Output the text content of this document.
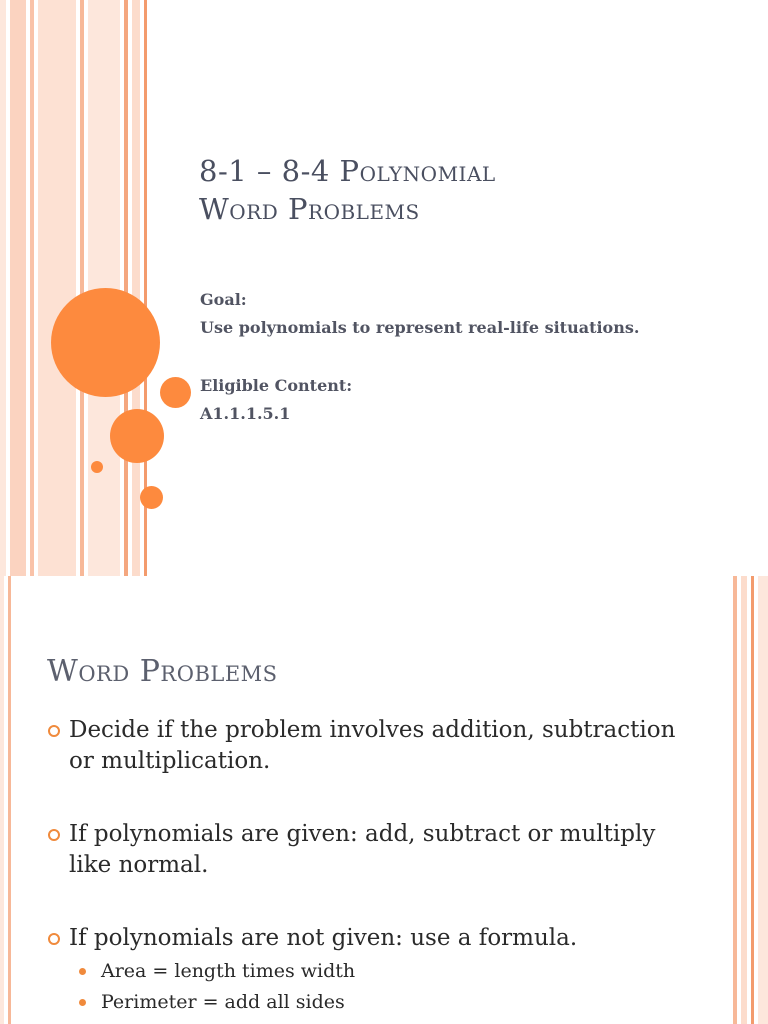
8-1 – 8-4 Polynomial
Word Problems
Goal:
Use polynomials to represent real-life situations.
Eligible Content:
A1.1.1.5.1
Word Problems
Decide if the problem involves addition, subtraction or multiplication.
If polynomials are given: add, subtract or multiply like normal.
If polynomials are not given: use a formula.
Area = length times width
Perimeter = add all sides
